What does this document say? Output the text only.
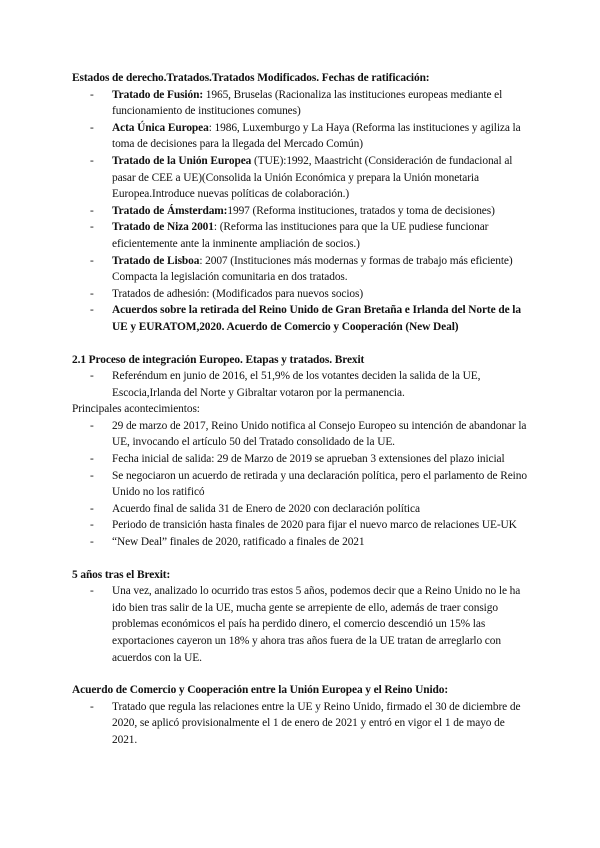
Estados de derecho.Tratados.Tratados Modificados. Fechas de ratificación:

- Tratado de Fusión: 1965, Bruselas (Racionaliza las instituciones europeas mediante el funcionamiento de instituciones comunes)
- Acta Única Europea: 1986, Luxemburgo y La Haya (Reforma las instituciones y agiliza la toma de decisiones para la llegada del Mercado Común)
- Tratado de la Unión Europea (TUE):1992, Maastricht (Consideración de fundacional al pasar de CEE a UE)(Consolida la Unión Económica y prepara la Unión monetaria Europea.Introduce nuevas políticas de colaboración.)
- Tratado de Ámsterdam:1997 (Reforma instituciones, tratados y toma de decisiones)
- Tratado de Niza 2001: (Reforma las instituciones para que la UE pudiese funcionar eficientemente ante la inminente ampliación de socios.)
- Tratado de Lisboa: 2007 (Instituciones más modernas y formas de trabajo más eficiente) Compacta la legislación comunitaria en dos tratados.
- Tratados de adhesión: (Modificados para nuevos socios)
- Acuerdos sobre la retirada del Reino Unido de Gran Bretaña e Irlanda del Norte de la UE y EURATOM,2020. Acuerdo de Comercio y Cooperación (New Deal)

2.1 Proceso de integración Europeo. Etapas y tratados. Brexit

- Referéndum en junio de 2016, el 51,9% de los votantes deciden la salida de la UE, Escocia,Irlanda del Norte y Gibraltar votaron por la permanencia.

Principales acontecimientos:

- 29 de marzo de 2017, Reino Unido notifica al Consejo Europeo su intención de abandonar la UE, invocando el artículo 50 del Tratado consolidado de la UE.
- Fecha inicial de salida: 29 de Marzo de 2019 se aprueban 3 extensiones del plazo inicial
- Se negociaron un acuerdo de retirada y una declaración política, pero el parlamento de Reino Unido no los ratificó
- Acuerdo final de salida 31 de Enero de 2020 con declaración política
- Periodo de transición hasta finales de 2020 para fijar el nuevo marco de relaciones UE-UK
- “New Deal” finales de 2020, ratificado a finales de 2021

5 años tras el Brexit:

- Una vez, analizado lo ocurrido tras estos 5 años, podemos decir que a Reino Unido no le ha ido bien tras salir de la UE, mucha gente se arrepiente de ello, además de traer consigo problemas económicos el país ha perdido dinero, el comercio descendió un 15% las exportaciones cayeron un 18% y ahora tras años fuera de la UE tratan de arreglarlo con acuerdos con la UE.

Acuerdo de Comercio y Cooperación entre la Unión Europea y el Reino Unido:

- Tratado que regula las relaciones entre la UE y Reino Unido, firmado el 30 de diciembre de 2020, se aplicó provisionalmente el 1 de enero de 2021 y entró en vigor el 1 de mayo de 2021.
